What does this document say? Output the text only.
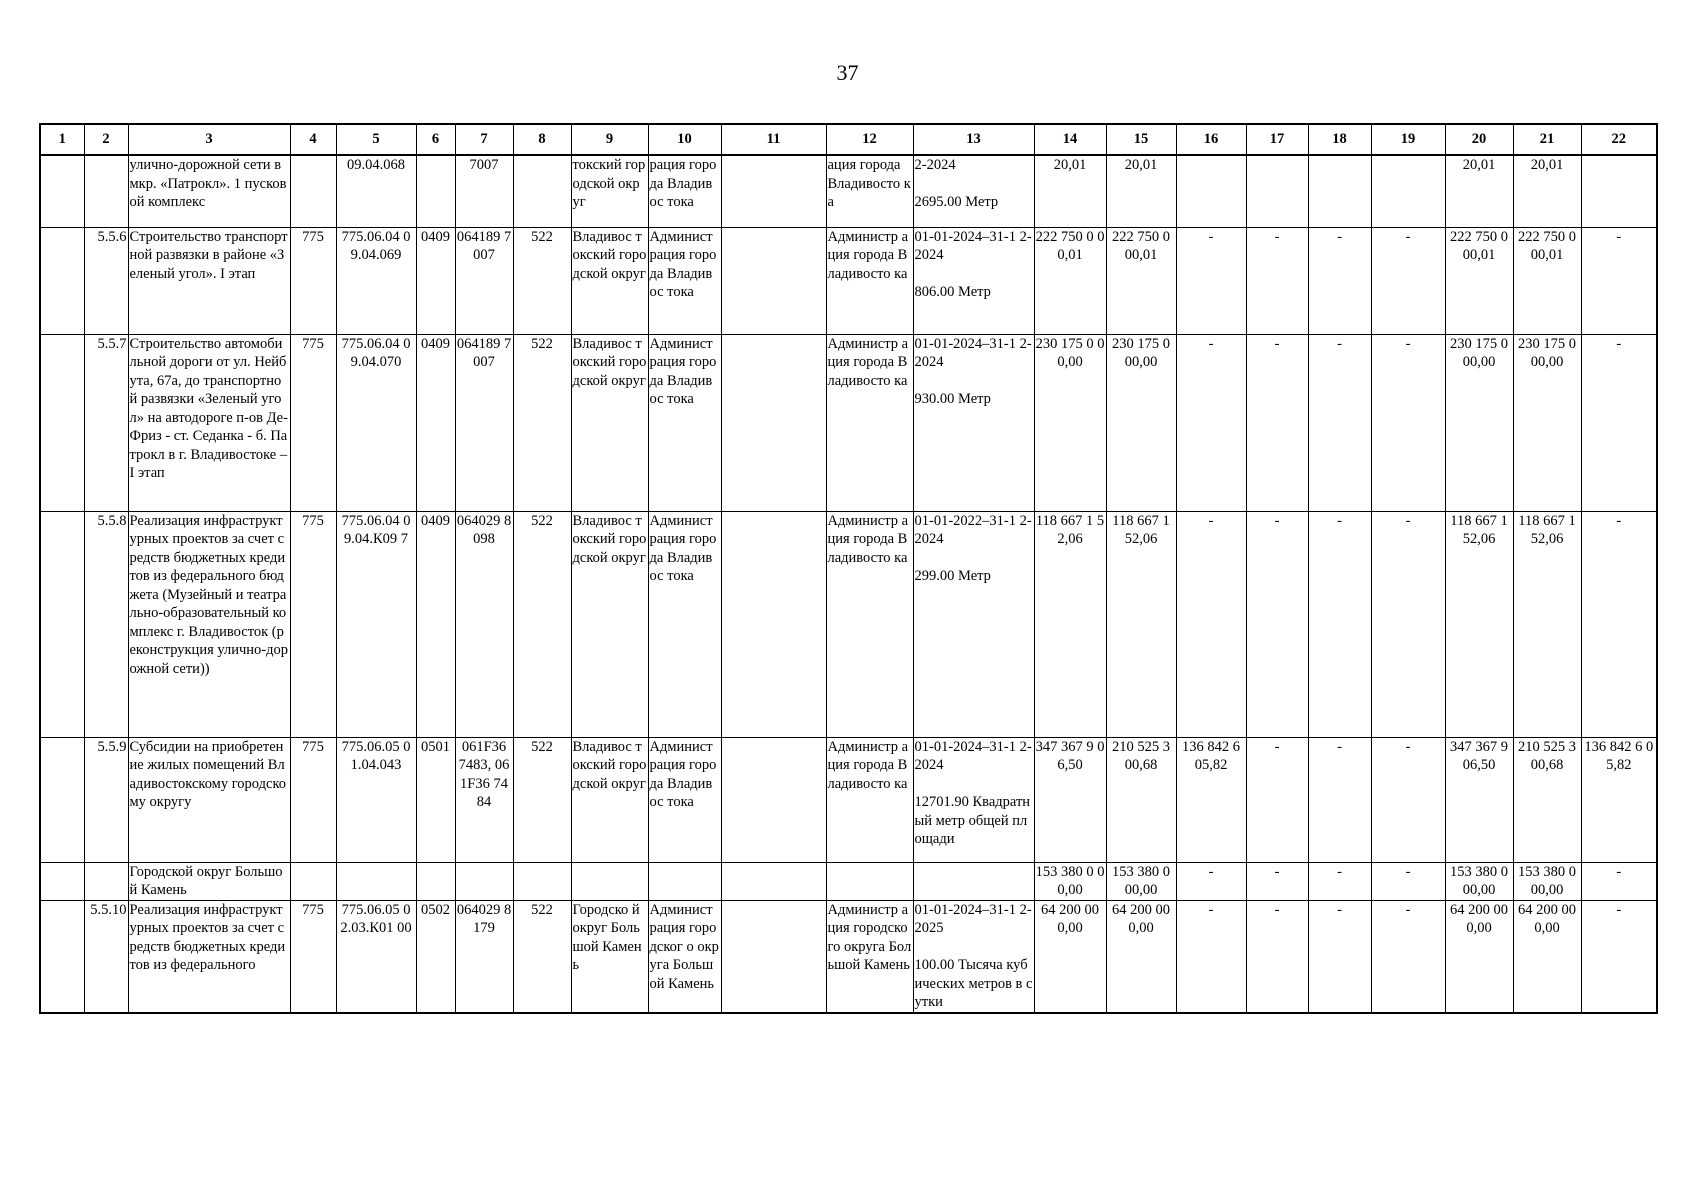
37
1	2	3	4	5	6	7	8	9	10	11	12	13	14	15	16	17	18	19	20	21	22
		улично-дорожной сети в мкр. «Патрокл». 1 пусковой комплекс		09.04.068		7007		токский городской округ	рация города Владивос тока		ация города Владивосто ка	2-2024
2695.00 Метр	20,01	20,01					20,01	20,01	
	5.5.6	Строительство транспортной развязки в районе «Зеленый угол». I этап	775	775.06.04 09.04.069	0409	064189 7007	522	Владивос токский городской округ	Админист рация города Владивос тока		Администр ация города Владивосто ка	01-01-2024–31-1 2-2024
806.00 Метр	222 750 0 00,01	222 750 0 00,01	-	-	-	-	222 750 0 00,01	222 750 0 00,01	-
	5.5.7	Строительство автомобильной дороги от ул. Нейбута, 67а, до транспортной развязки «Зеленый угол» на автодороге п-ов Де-Фриз - ст. Седанка - б. Патрокл в г. Владивостоке – I этап	775	775.06.04 09.04.070	0409	064189 7007	522	Владивос токский городской округ	Админист рация города Владивос тока		Администр ация города Владивосто ка	01-01-2024–31-1 2-2024
930.00 Метр	230 175 0 00,00	230 175 0 00,00	-	-	-	-	230 175 0 00,00	230 175 0 00,00	-
	5.5.8	Реализация инфраструктурных проектов за счет средств бюджетных кредитов из федерального бюджета (Музейный и театрально-образовательный комплекс г. Владивосток (реконструкция улично-дорожной сети))	775	775.06.04 09.04.К09 7	0409	064029 8098	522	Владивос токский городской округ	Админист рация города Владивос тока		Администр ация города Владивосто ка	01-01-2022–31-1 2-2024
299.00 Метр	118 667 1 52,06	118 667 1 52,06	-	-	-	-	118 667 1 52,06	118 667 1 52,06	-
	5.5.9	Субсидии на приобретение жилых помещений Владивостокскому городскому округу	775	775.06.05 01.04.043	0501	061F36 7483, 061F36 7484	522	Владивос токский городской округ	Админист рация города Владивос тока		Администр ация города Владивосто ка	01-01-2024–31-1 2-2024
12701.90 Квадратный метр общей площади	347 367 9 06,50	210 525 3 00,68	136 842 6 05,82	-	-	-	347 367 9 06,50	210 525 3 00,68	136 842 6 05,82
		Городской округ Большой Камень											153 380 0 00,00	153 380 0 00,00	-	-	-	-	153 380 0 00,00	153 380 0 00,00	-
	5.5.10	Реализация инфраструктурных проектов за счет средств бюджетных кредитов из федерального	775	775.06.05 02.03.К01 00	0502	064029 8179	522	Городско й округ Большой Камень	Админист рация городског о округа Большой Камень		Администр ация городского округа Большой Камень	01-01-2024–31-1 2-2025
100.00 Тысяча кубических метров в сутки	64 200 00 0,00	64 200 00 0,00	-	-	-	-	64 200 00 0,00	64 200 00 0,00	-
